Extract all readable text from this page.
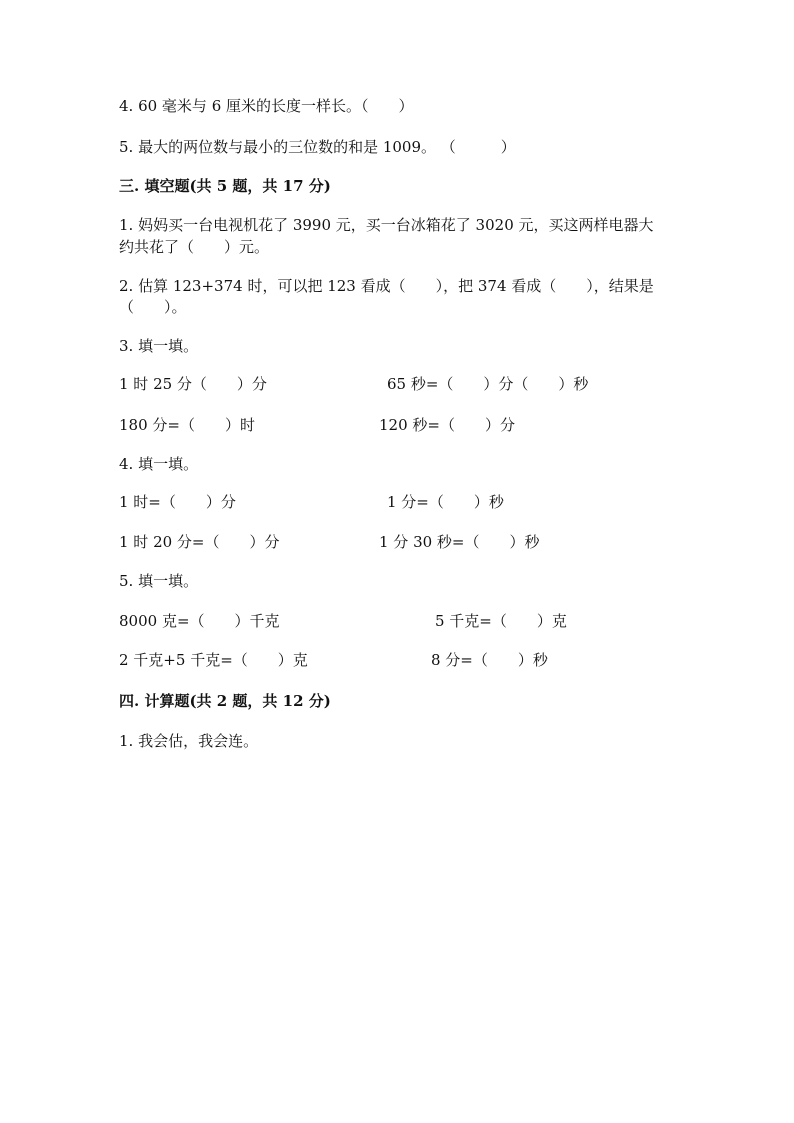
4. 60 毫米与 6 厘米的长度一样长。（　　）
5. 最大的两位数与最小的三位数的和是 1009。 （　　　）
三. 填空题(共 5 题，共 17 分)
1. 妈妈买一台电视机花了 3990 元，买一台冰箱花了 3020 元，买这两样电器大
约共花了（　　）元。
2. 估算 123+374 时，可以把 123 看成（　　），把 374 看成（　　），结果是
（　　）。
3. 填一填。
1 时 25 分（　　）分	65 秒=（　　）分（　　）秒
180 分=（　　）时	120 秒=（　　）分
4. 填一填。
1 时=（　　）分	1 分=（　　）秒
1 时 20 分=（　　）分	1 分 30 秒=（　　）秒
5. 填一填。
8000 克=（　　）千克	5 千克=（　　）克
2 千克+5 千克=（　　）克	8 分=（　　）秒
四. 计算题(共 2 题，共 12 分)
1. 我会估，我会连。
